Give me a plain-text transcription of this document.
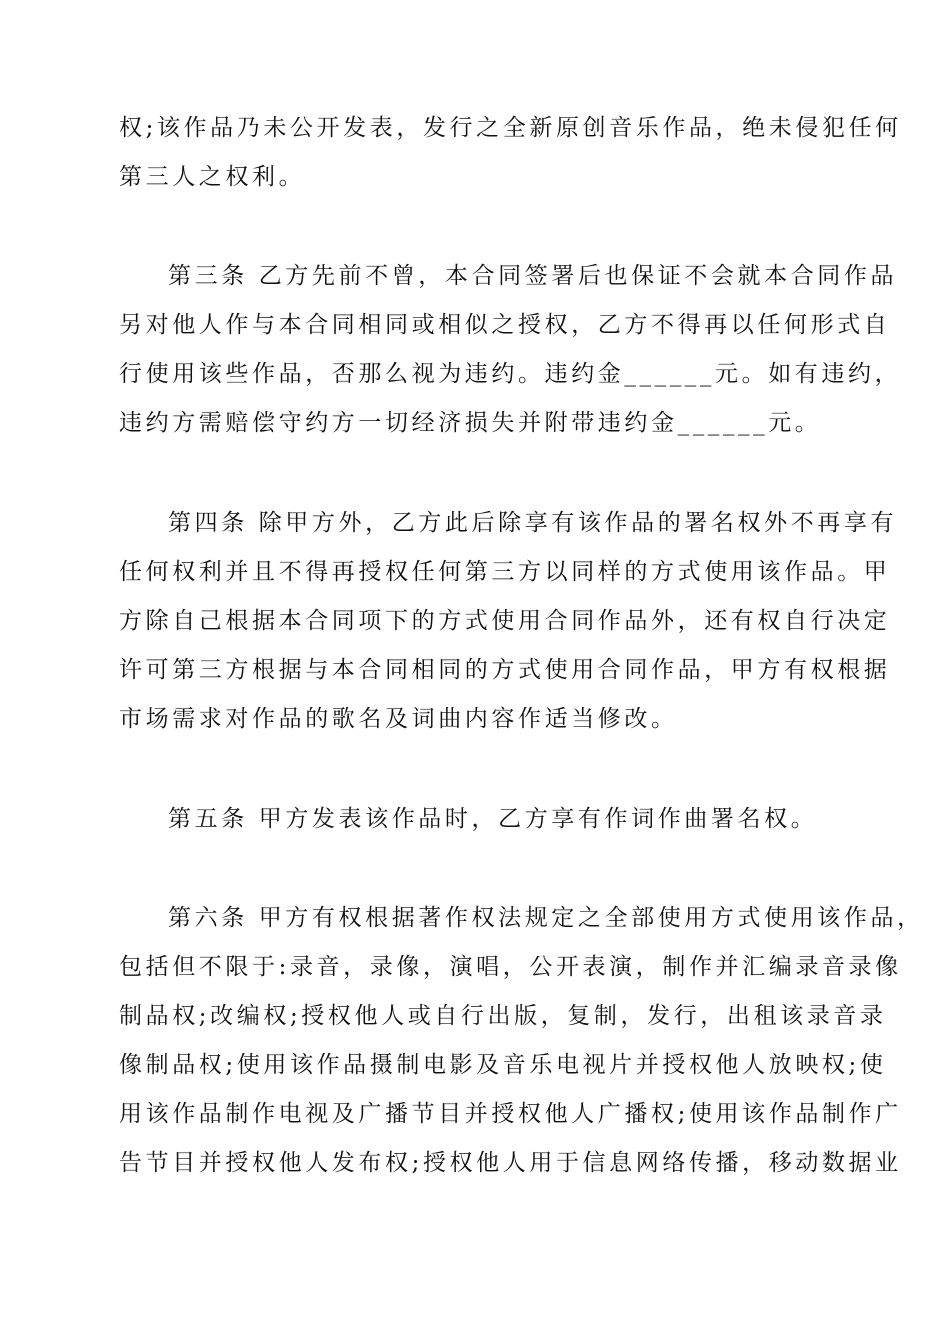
权;该作品乃未公开发表，发行之全新原创音乐作品，绝未侵犯任何
第三人之权利。
第三条 乙方先前不曾，本合同签署后也保证不会就本合同作品
另对他人作与本合同相同或相似之授权，乙方不得再以任何形式自
行使用该些作品，否那么视为违约。违约金______元。如有违约，
违约方需赔偿守约方一切经济损失并附带违约金______元。
第四条 除甲方外，乙方此后除享有该作品的署名权外不再享有
任何权利并且不得再授权任何第三方以同样的方式使用该作品。甲
方除自己根据本合同项下的方式使用合同作品外，还有权自行决定
许可第三方根据与本合同相同的方式使用合同作品，甲方有权根据
市场需求对作品的歌名及词曲内容作适当修改。
第五条 甲方发表该作品时，乙方享有作词作曲署名权。
第六条 甲方有权根据著作权法规定之全部使用方式使用该作品，
包括但不限于:录音，录像，演唱，公开表演，制作并汇编录音录像
制品权;改编权;授权他人或自行出版，复制，发行，出租该录音录
像制品权;使用该作品摄制电影及音乐电视片并授权他人放映权;使
用该作品制作电视及广播节目并授权他人广播权;使用该作品制作广
告节目并授权他人发布权;授权他人用于信息网络传播，移动数据业
